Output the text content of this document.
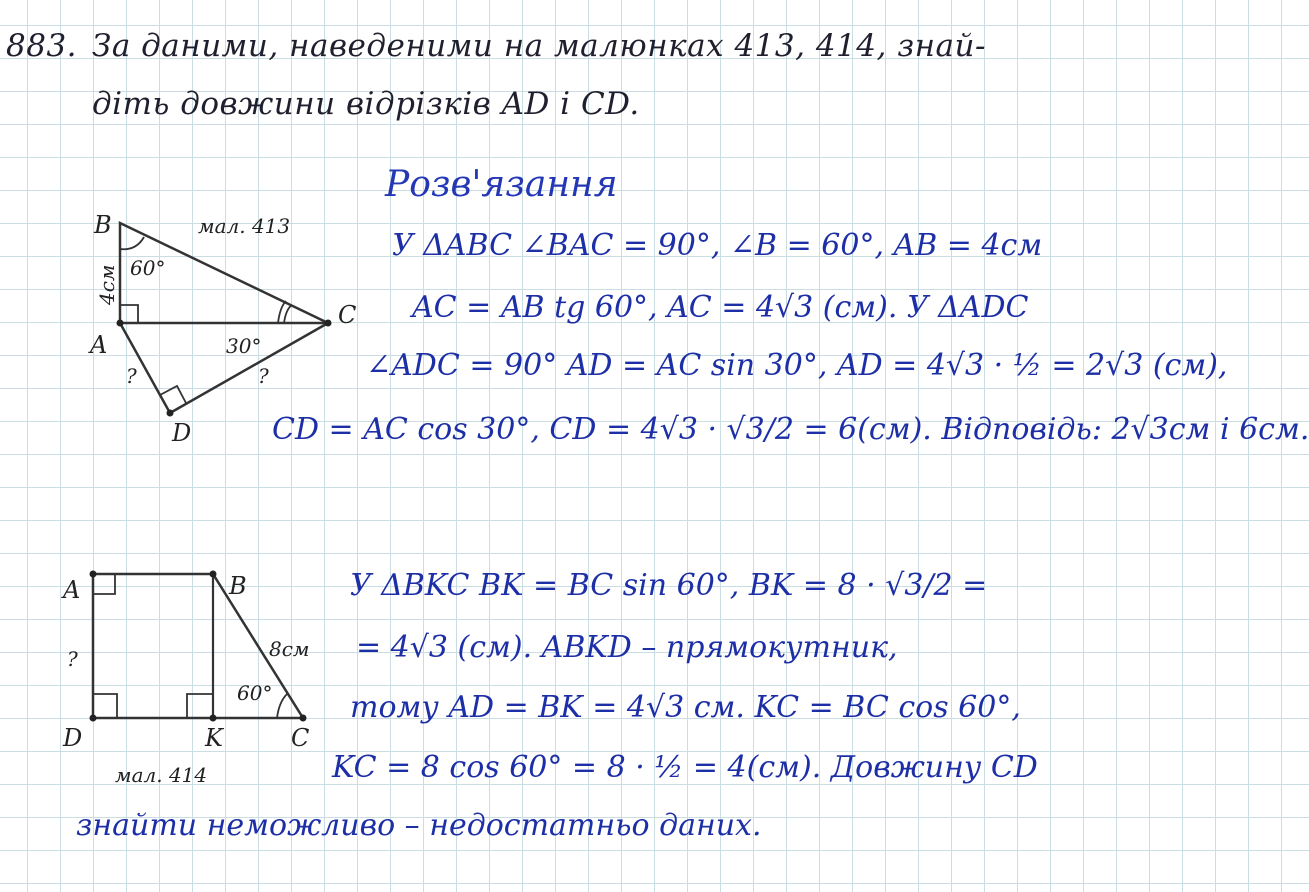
883. За даними, наведеними на малюнках 413, 414, знай-
діть довжини відрізків AD і CD.
Розв'язання
B
A
C
D
4см 60°
30°
?	?
мал. 413
У ΔABC ∠BAC = 90°, ∠B = 60°, AB = 4см
AC = AB tg 60°, AC = 4√3 (см). У ΔADC
∠ADC = 90° AD = AC sin 30°, AD = 4√3 · ½ = 2√3 (см),
CD = AC cos 30°, CD = 4√3 · √3/2 = 6(см). Відповідь: 2√3см і 6см.
A	B
C
D	K
8см
60°
?
мал. 414
У ΔBKC BK = BC sin 60°, BK = 8 · √3/2 =
= 4√3 (см). ABKD – прямокутник,
тому AD = BK = 4√3 см. KC = BC cos 60°,
KC = 8 cos 60° = 8 · ½ = 4(см). Довжину CD
знайти неможливо – недостатньо даних.
